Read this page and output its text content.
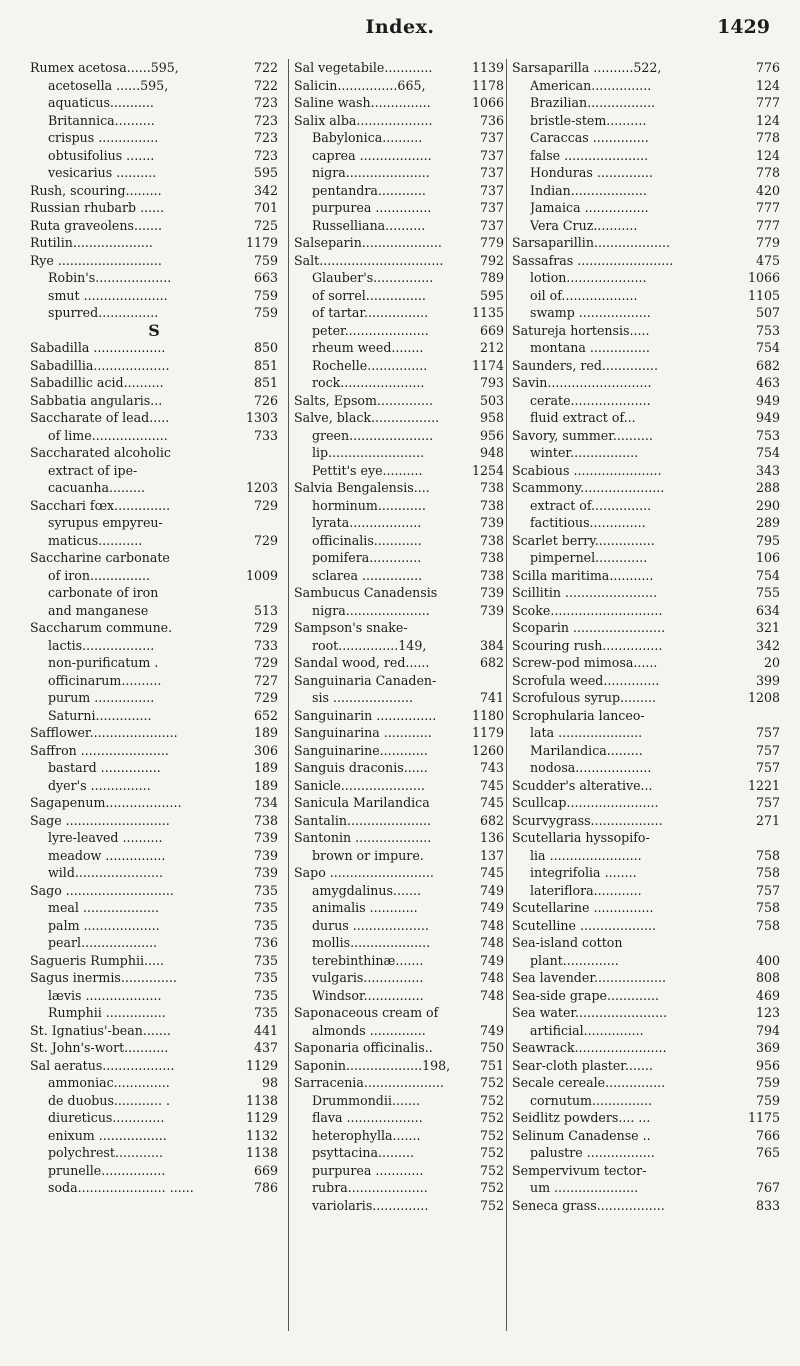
Index.	1429
Rumex acetosa......595,	722
acetosella ......595,	722
aquaticus...........	723
Britannica..........	723
crispus ...............	723
obtusifolius .......	723
vesicarius ..........	595
Rush, scouring.........	342
Russian rhubarb ......	701
Ruta graveolens.......	725
Rutilin....................	1179
Rye ..........................	759
Robin's...................	663
smut .....................	759
spurred...............	759
S
Sabadilla ..................	850
Sabadillia...................	851
Sabadillic acid..........	851
Sabbatia angularis...	726
Saccharate of lead.....	1303
of lime...................	733
Saccharated alcoholic
extract of ipe-
cacuanha.........	1203
Sacchari fœx..............	729
syrupus empyreu-
maticus...........	729
Saccharine carbonate
of iron...............	1009
carbonate of iron
and manganese	513
Saccharum commune.	729
lactis..................	733
non-purificatum .	729
officinarum..........	727
purum ...............	729
Saturni..............	652
Safflower......................	189
Saffron ......................	306
bastard ...............	189
dyer's ...............	189
Sagapenum...................	734
Sage ..........................	738
lyre-leaved ..........	739
meadow ...............	739
wild......................	739
Sago ...........................	735
meal ...................	735
palm ...................	735
pearl...................	736
Sagueris Rumphii.....	735
Sagus inermis..............	735
lævis ...................	735
Rumphii ...............	735
St. Ignatius'-bean.......	441
St. John's-wort...........	437
Sal aeratus..................	1129
ammoniac..............	98
de duobus............ .	1138
diureticus.............	1129
enixum .................	1132
polychrest............	1138
prunelle................	669
soda...................... ......	786
Sal vegetabile............	1139
Salicin...............665,	1178
Saline wash...............	1066
Salix alba...................	736
Babylonica..........	737
caprea ..................	737
nigra.....................	737
pentandra............	737
purpurea ..............	737
Russelliana..........	737
Salseparin....................	779
Salt...............................	792
Glauber's...............	789
of sorrel...............	595
of tartar................	1135
peter.....................	669
rheum weed........	212
Rochelle...............	1174
rock.....................	793
Salts, Epsom..............	503
Salve, black.................	958
green.....................	956
lip........................	948
Pettit's eye..........	1254
Salvia Bengalensis....	738
horminum............	738
lyrata..................	739
officinalis............	738
pomifera.............	738
sclarea ...............	738
Sambucus Canadensis	739
nigra.....................	739
Sampson's snake-
root...............149,	384
Sandal wood, red......	682
Sanguinaria Canaden-
sis ....................	741
Sanguinarin ...............	1180
Sanguinarina ............	1179
Sanguinarine............	1260
Sanguis draconis......	743
Sanicle.....................	745
Sanicula Marilandica	745
Santalin.....................	682
Santonin ...................	136
brown or impure.	137
Sapo ..........................	745
amygdalinus.......	749
animalis ............	749
durus ...................	748
mollis....................	748
terebinthinæ.......	749
vulgaris...............	748
Windsor...............	748
Saponaceous cream of
almonds ..............	749
Saponaria officinalis..	750
Saponin...................198,	751
Sarracenia....................	752
Drummondii.......	752
flava ...................	752
heterophylla.......	752
psyttacina.........	752
purpurea ............	752
rubra....................	752
variolaris..............	752
Sarsaparilla ..........522,	776
American...............	124
Brazilian.................	777
bristle-stem..........	124
Caraccas ..............	778
false .....................	124
Honduras ..............	778
Indian...................	420
Jamaica ................	777
Vera Cruz...........	777
Sarsaparillin...................	779
Sassafras ........................	475
lotion....................	1066
oil of...................	1105
swamp ..................	507
Satureja hortensis.....	753
montana ...............	754
Saunders, red..............	682
Savin..........................	463
cerate....................	949
fluid extract of...	949
Savory, summer..........	753
winter.................	754
Scabious ......................	343
Scammony.....................	288
extract of...............	290
factitious..............	289
Scarlet berry...............	795
pimpernel.............	106
Scilla maritima...........	754
Scillitin .......................	755
Scoke............................	634
Scoparin .......................	321
Scouring rush...............	342
Screw-pod mimosa......	20
Scrofula weed..............	399
Scrofulous syrup.........	1208
Scrophularia lanceo-
lata .....................	757
Marilandica.........	757
nodosa...................	757
Scudder's alterative...	1221
Scullcap.......................	757
Scurvygrass..................	271
Scutellaria hyssopifo-
lia .......................	758
integrifolia ........	758
lateriflora............	757
Scutellarine ...............	758
Scutelline ...................	758
Sea-island cotton
plant..............	400
Sea lavender..................	808
Sea-side grape.............	469
Sea water.......................	123
artificial...............	794
Seawrack.......................	369
Sear-cloth plaster.......	956
Secale cereale...............	759
cornutum...............	759
Seidlitz powders.... ...	1175
Selinum Canadense ..	766
palustre .................	765
Sempervivum tector-
um .....................	767
Seneca grass.................	833
